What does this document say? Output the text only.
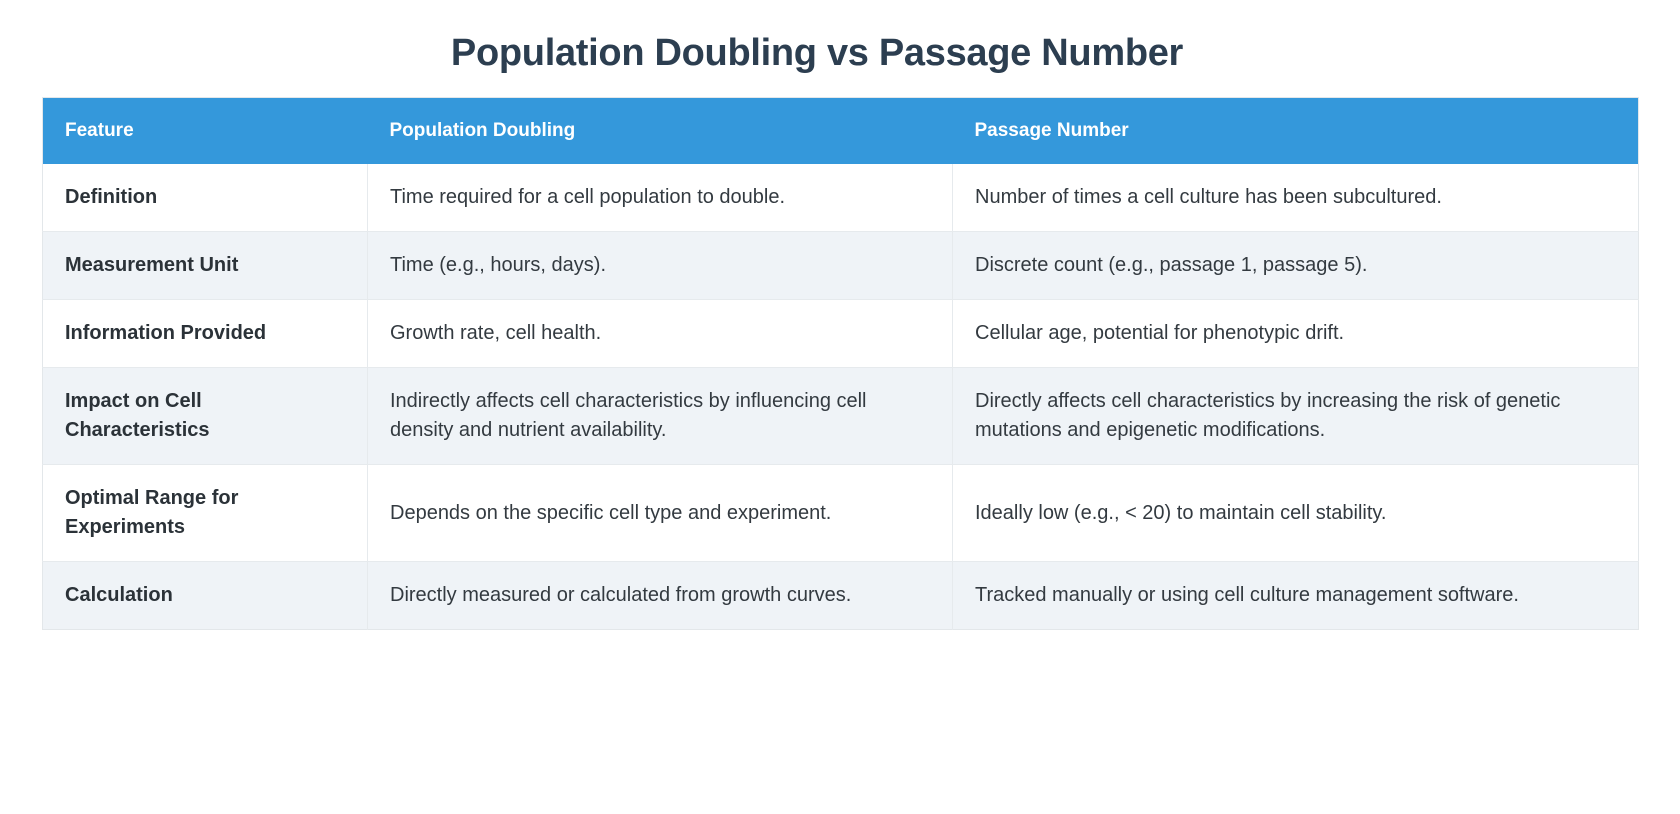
Population Doubling vs Passage Number
Feature	Population Doubling	Passage Number
Definition	Time required for a cell population to double.	Number of times a cell culture has been subcultured.
Measurement Unit	Time (e.g., hours, days).	Discrete count (e.g., passage 1, passage 5).
Information Provided	Growth rate, cell health.	Cellular age, potential for phenotypic drift.
Impact on Cell Characteristics	Indirectly affects cell characteristics by influencing cell density and nutrient availability.	Directly affects cell characteristics by increasing the risk of genetic mutations and epigenetic modifications.
Optimal Range for Experiments	Depends on the specific cell type and experiment.	Ideally low (e.g., < 20) to maintain cell stability.
Calculation	Directly measured or calculated from growth curves.	Tracked manually or using cell culture management software.
